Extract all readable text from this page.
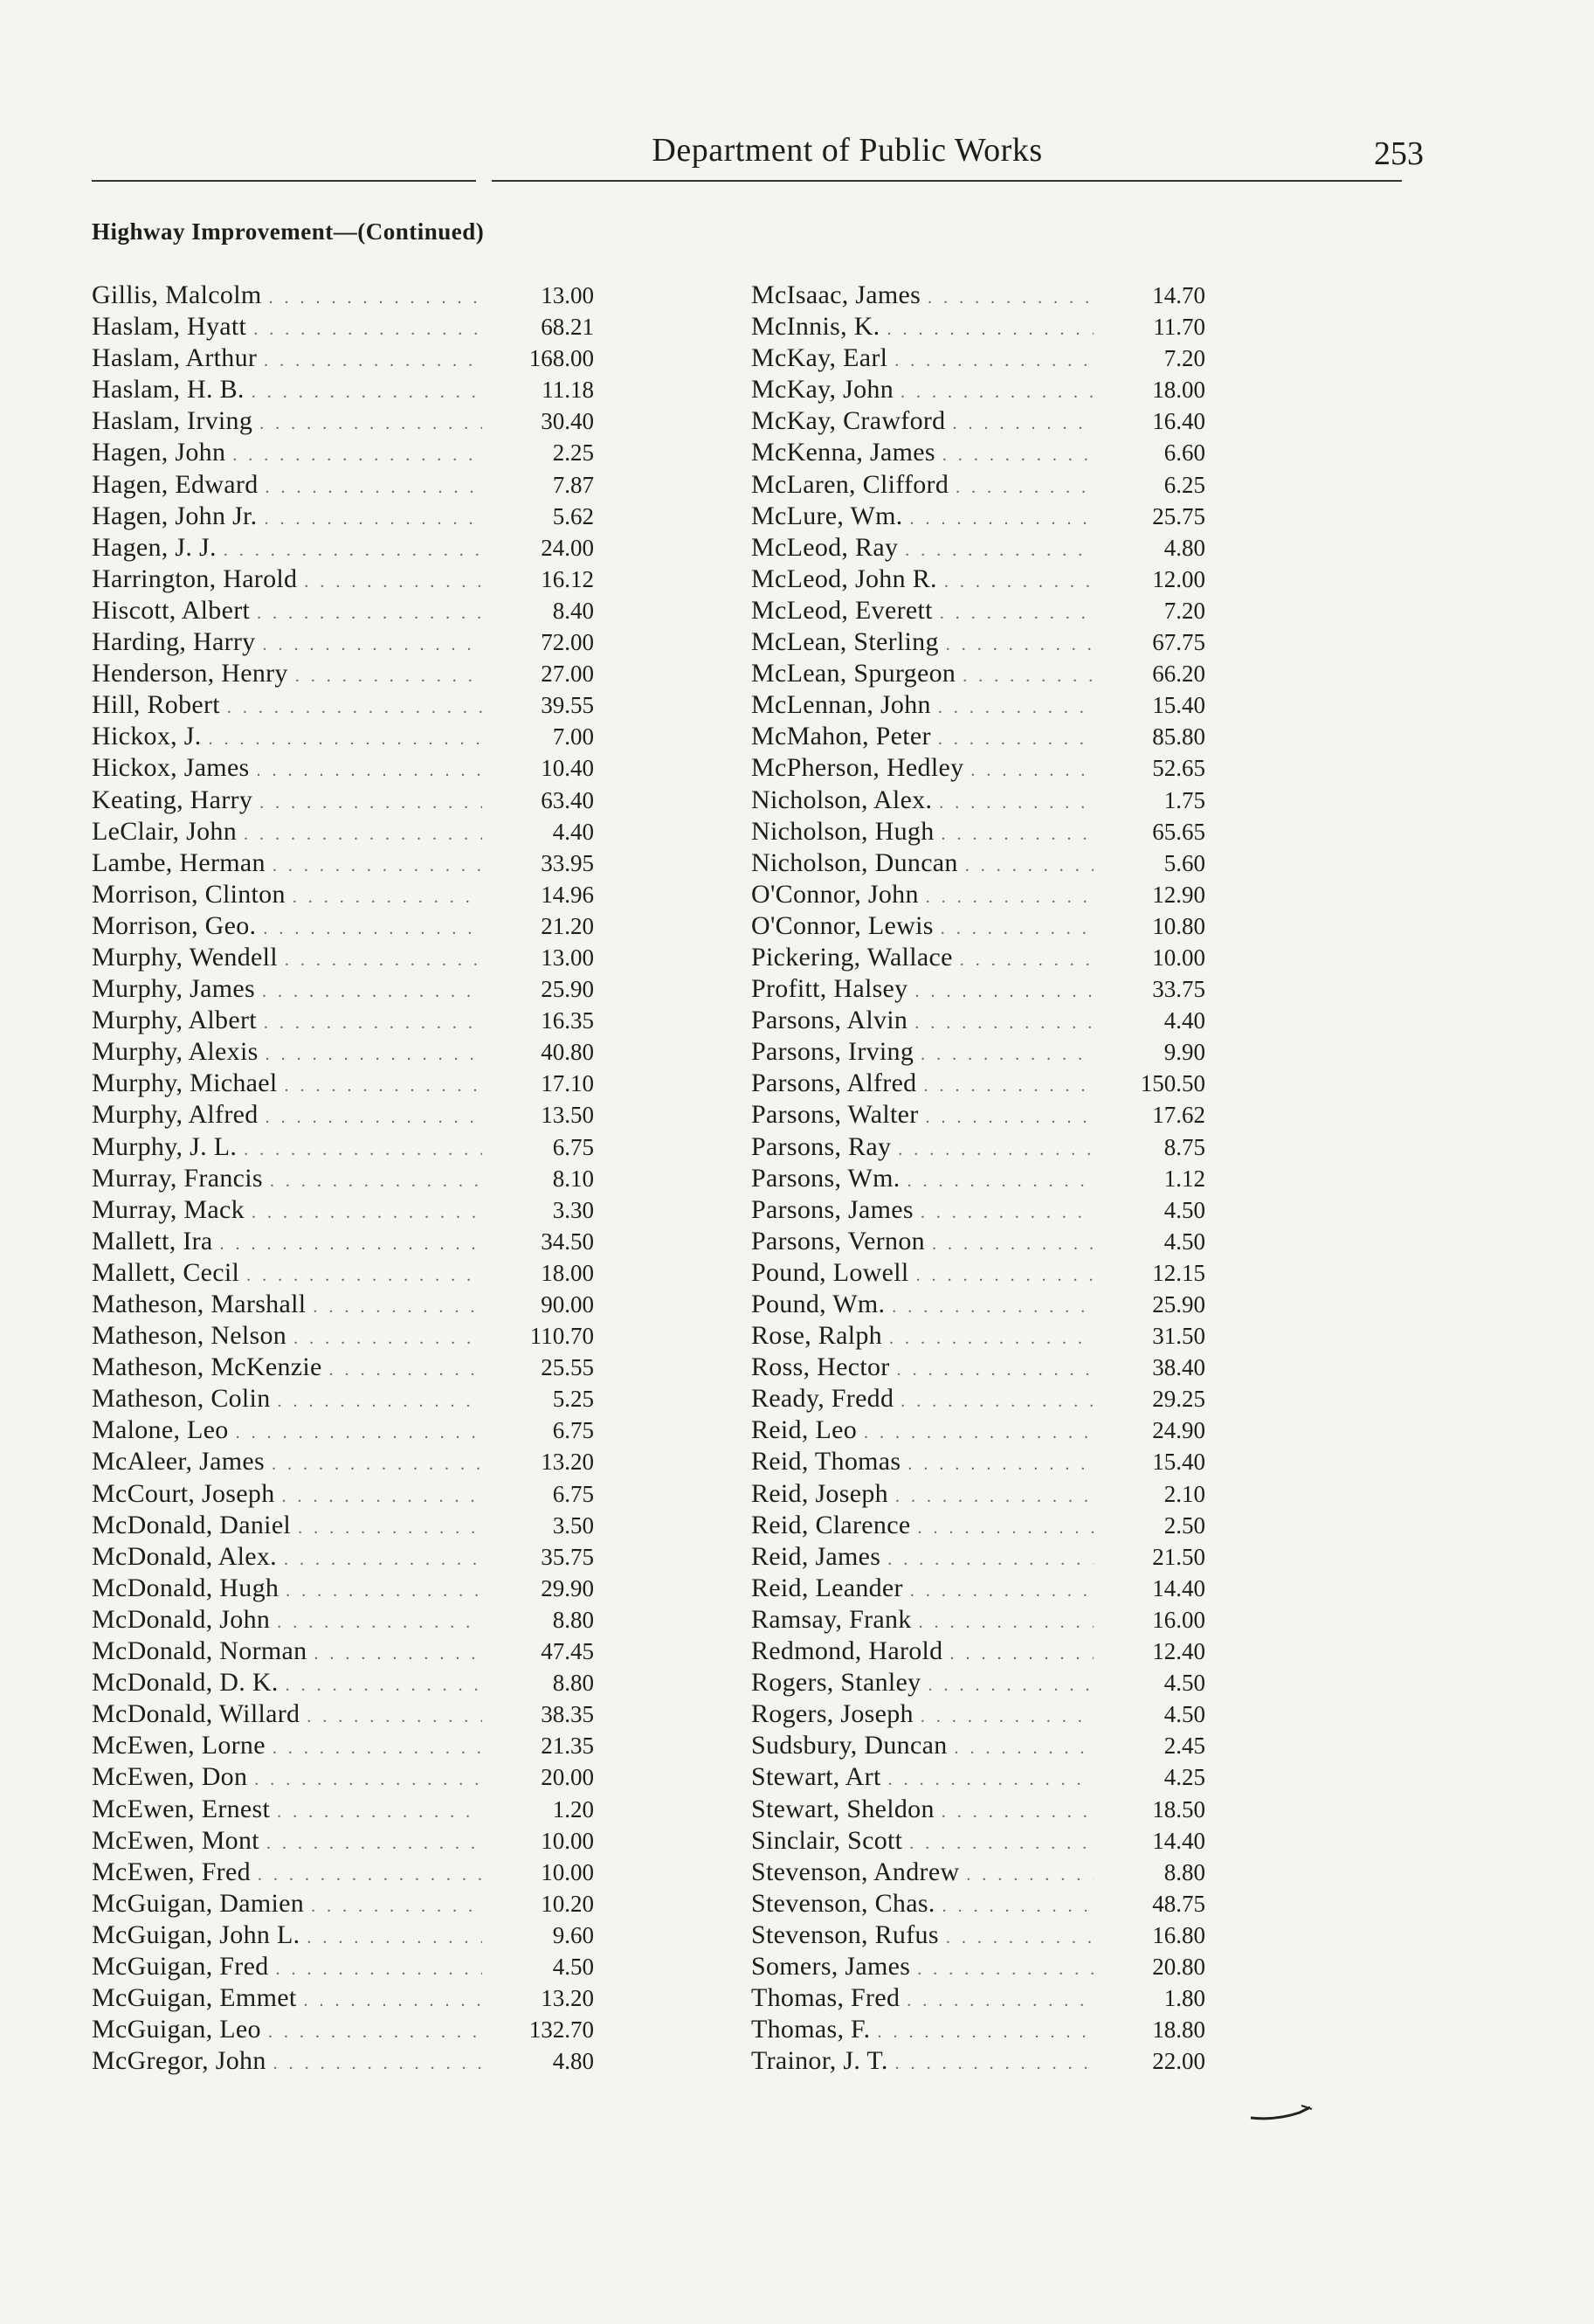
Department of Public Works	253
Highway Improvement—(Continued)
Gillis, Malcolm . . .	13.00
Haslam, Hyatt . . .	68.21
Haslam, Arthur . . .	168.00
Haslam, H. B. . . .	11.18
Haslam, Irving . . .	30.40
Hagen, John . . .	2.25
Hagen, Edward . . .	7.87
Hagen, John Jr. . . .	5.62
Hagen, J. J. . . .	24.00
Harrington, Harold . . .	16.12
Hiscott, Albert . . .	8.40
Harding, Harry . . .	72.00
Henderson, Henry . . .	27.00
Hill, Robert . . .	39.55
Hickox, J. . . .	7.00
Hickox, James . . .	10.40
Keating, Harry . . .	63.40
LeClair, John . . .	4.40
Lambe, Herman . . .	33.95
Morrison, Clinton . . .	14.96
Morrison, Geo. . . .	21.20
Murphy, Wendell . . .	13.00
Murphy, James . . .	25.90
Murphy, Albert . . .	16.35
Murphy, Alexis . . .	40.80
Murphy, Michael . . .	17.10
Murphy, Alfred . . .	13.50
Murphy, J. L. . . .	6.75
Murray, Francis . . .	8.10
Murray, Mack . . .	3.30
Mallett, Ira . . .	34.50
Mallett, Cecil . . .	18.00
Matheson, Marshall . . .	90.00
Matheson, Nelson . . .	110.70
Matheson, McKenzie . . .	25.55
Matheson, Colin . . .	5.25
Malone, Leo . . .	6.75
McAleer, James . . .	13.20
McCourt, Joseph . . .	6.75
McDonald, Daniel . . .	3.50
McDonald, Alex. . . .	35.75
McDonald, Hugh . . .	29.90
McDonald, John . . .	8.80
McDonald, Norman . . .	47.45
McDonald, D. K. . . .	8.80
McDonald, Willard . . .	38.35
McEwen, Lorne . . .	21.35
McEwen, Don . . .	20.00
McEwen, Ernest . . .	1.20
McEwen, Mont . . .	10.00
McEwen, Fred . . .	10.00
McGuigan, Damien . . .	10.20
McGuigan, John L. . . .	9.60
McGuigan, Fred . . .	4.50
McGuigan, Emmet . . .	13.20
McGuigan, Leo . . .	132.70
McGregor, John . . .	4.80
McIsaac, James . . .	14.70
McInnis, K. . . .	11.70
McKay, Earl . . .	7.20
McKay, John . . .	18.00
McKay, Crawford . . .	16.40
McKenna, James . . .	6.60
McLaren, Clifford . . .	6.25
McLure, Wm. . . .	25.75
McLeod, Ray . . .	4.80
McLeod, John R. . . .	12.00
McLeod, Everett . . .	7.20
McLean, Sterling . . .	67.75
McLean, Spurgeon . . .	66.20
McLennan, John . . .	15.40
McMahon, Peter . . .	85.80
McPherson, Hedley . . .	52.65
Nicholson, Alex. . . .	1.75
Nicholson, Hugh . . .	65.65
Nicholson, Duncan . . .	5.60
O'Connor, John . . .	12.90
O'Connor, Lewis . . .	10.80
Pickering, Wallace . . .	10.00
Profitt, Halsey . . .	33.75
Parsons, Alvin . . .	4.40
Parsons, Irving . . .	9.90
Parsons, Alfred . . .	150.50
Parsons, Walter . . .	17.62
Parsons, Ray . . .	8.75
Parsons, Wm. . . .	1.12
Parsons, James . . .	4.50
Parsons, Vernon . . .	4.50
Pound, Lowell . . .	12.15
Pound, Wm. . . .	25.90
Rose, Ralph . . .	31.50
Ross, Hector . . .	38.40
Ready, Fredd . . .	29.25
Reid, Leo . . .	24.90
Reid, Thomas . . .	15.40
Reid, Joseph . . .	2.10
Reid, Clarence . . .	2.50
Reid, James . . .	21.50
Reid, Leander . . .	14.40
Ramsay, Frank . . .	16.00
Redmond, Harold . . .	12.40
Rogers, Stanley . . .	4.50
Rogers, Joseph . . .	4.50
Sudsbury, Duncan . . .	2.45
Stewart, Art . . .	4.25
Stewart, Sheldon . . .	18.50
Sinclair, Scott . . .	14.40
Stevenson, Andrew . . .	8.80
Stevenson, Chas. . . .	48.75
Stevenson, Rufus . . .	16.80
Somers, James . . .	20.80
Thomas, Fred . . .	1.80
Thomas, F. . . .	18.80
Trainor, J. T. . . .	22.00
